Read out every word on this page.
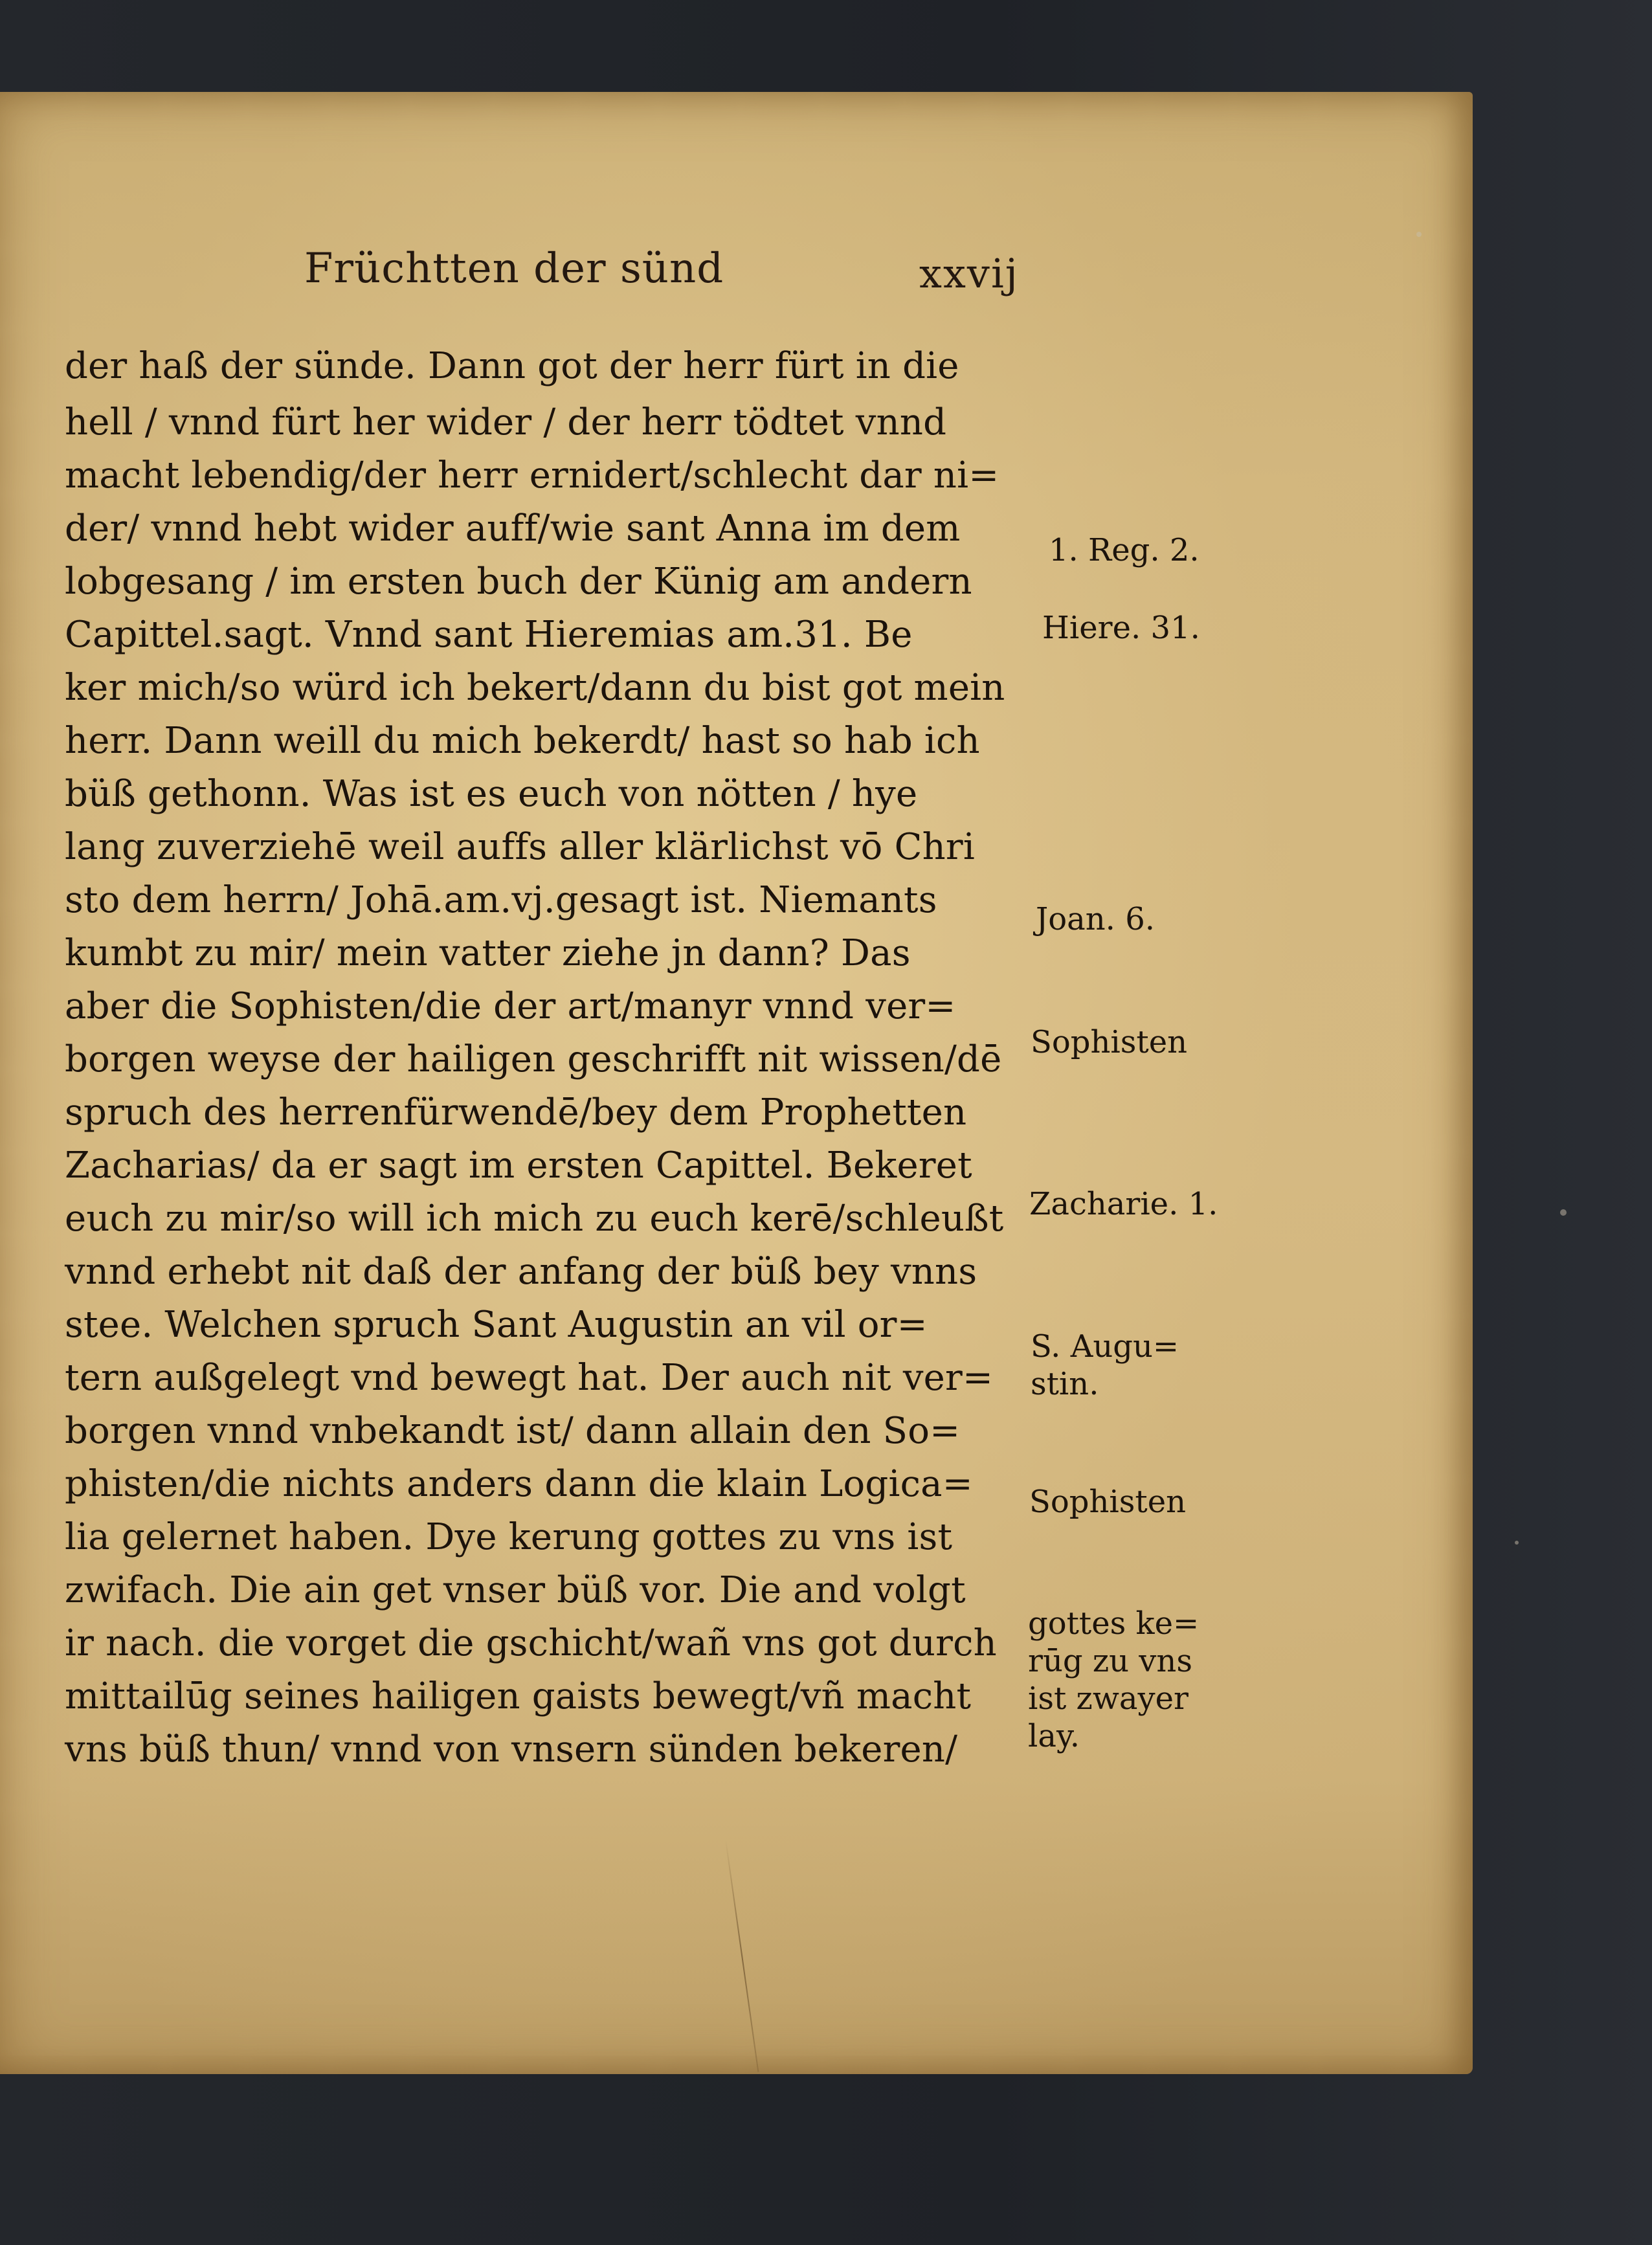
Früchtten der sünd	xxvij
der haß der sünde. Dann got der herr fürt in die
hell / vnnd fürt her wider / der herr tödtet vnnd
macht lebendig/der herr ernidert/schlecht dar ni=
der/ vnnd hebt wider auff/wie sant Anna im dem
lobgesang / im ersten buch der Künig am andern
Capittel.sagt. Vnnd sant Hieremias am.31. Be
ker mich/so würd ich bekert/dann du bist got mein
herr. Dann weill du mich bekerdt/ hast so hab ich
büß gethonn. Was ist es euch von nötten / hye
lang zuverziehē weil auffs aller klärlichst vō Chri
sto dem herrn/ Johā.am.vj.gesagt ist. Niemants
kumbt zu mir/ mein vatter ziehe jn dann? Das
aber die Sophisten/die der art/manyr vnnd ver=
borgen weyse der hailigen geschrifft nit wissen/dē
spruch des herrenfürwendē/bey dem Prophetten
Zacharias/ da er sagt im ersten Capittel. Bekeret
euch zu mir/so will ich mich zu euch kerē/schleußt
vnnd erhebt nit daß der anfang der büß bey vnns
stee. Welchen spruch Sant Augustin an vil or=
tern außgelegt vnd bewegt hat. Der auch nit ver=
borgen vnnd vnbekandt ist/ dann allain den So=
phisten/die nichts anders dann die klain Logica=
lia gelernet haben. Dye kerung gottes zu vns ist
zwifach. Die ain get vnser büß vor. Die and volgt
ir nach. die vorget die gschicht/wañ vns got durch
mittailūg seines hailigen gaists bewegt/vñ macht
vns büß thun/ vnnd von vnsern sünden bekeren/
1. Reg. 2.
Hiere. 31.
Joan. 6.
Sophisten
Zacharie. 1.
S. Augu=
stin.
Sophisten
gottes ke=
rūg zu vns
ist zwayer
lay.
